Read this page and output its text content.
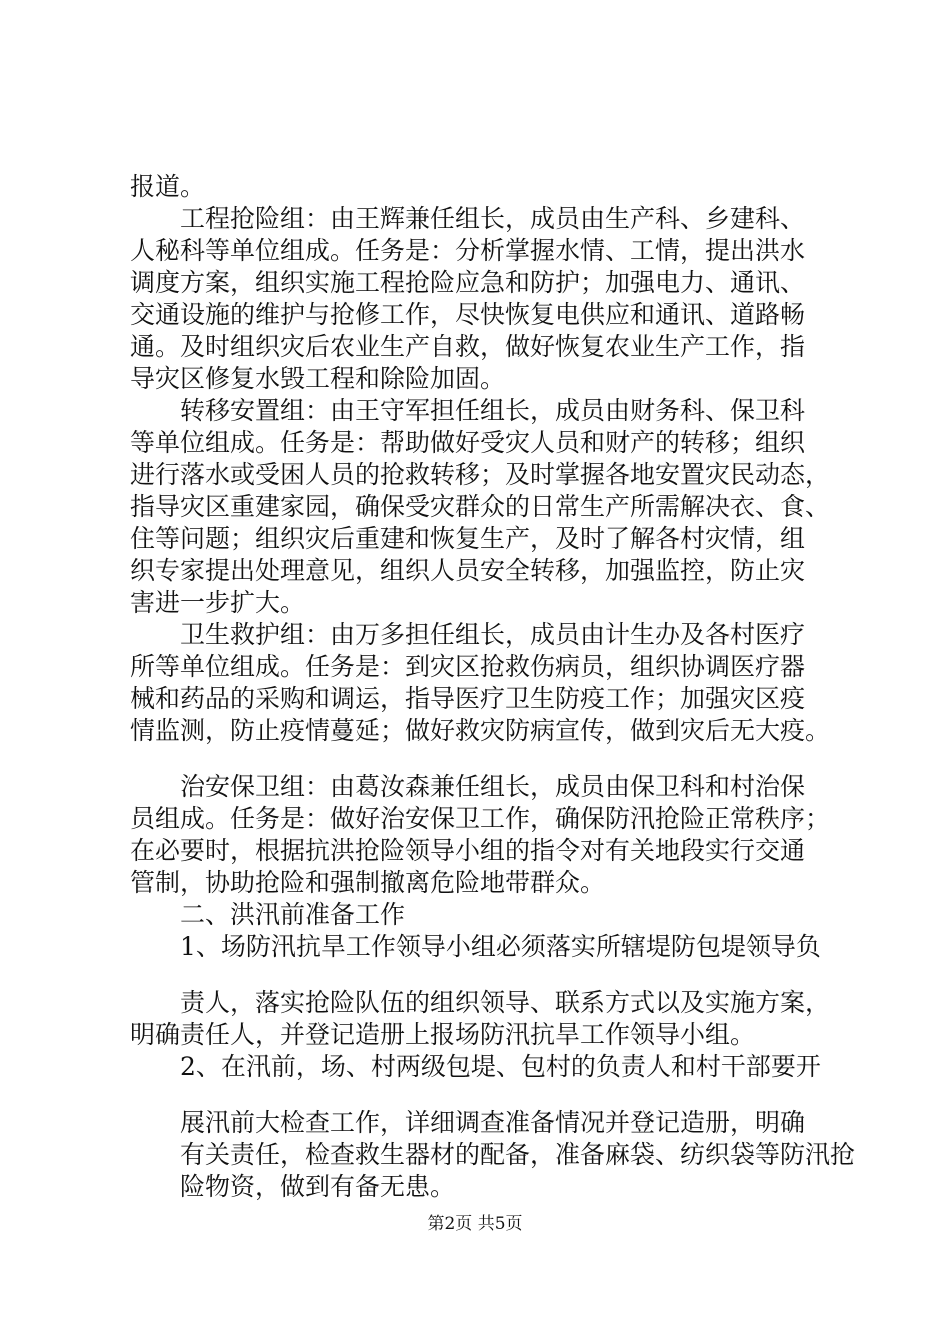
报道。
工程抢险组：由王辉兼任组长，成员由生产科、乡建科、
人秘科等单位组成。任务是：分析掌握水情、工情，提出洪水
调度方案，组织实施工程抢险应急和防护；加强电力、通讯、
交通设施的维护与抢修工作，尽快恢复电供应和通讯、道路畅
通。及时组织灾后农业生产自救，做好恢复农业生产工作，指
导灾区修复水毁工程和除险加固。
转移安置组：由王守军担任组长，成员由财务科、保卫科
等单位组成。任务是：帮助做好受灾人员和财产的转移；组织
进行落水或受困人员的抢救转移；及时掌握各地安置灾民动态，
指导灾区重建家园，确保受灾群众的日常生产所需解决衣、食、
住等问题；组织灾后重建和恢复生产，及时了解各村灾情，组
织专家提出处理意见，组织人员安全转移，加强监控，防止灾
害进一步扩大。
卫生救护组：由万多担任组长，成员由计生办及各村医疗
所等单位组成。任务是：到灾区抢救伤病员，组织协调医疗器
械和药品的采购和调运，指导医疗卫生防疫工作；加强灾区疫
情监测，防止疫情蔓延；做好救灾防病宣传，做到灾后无大疫。
治安保卫组：由葛汝森兼任组长，成员由保卫科和村治保
员组成。任务是：做好治安保卫工作，确保防汛抢险正常秩序；
在必要时，根据抗洪抢险领导小组的指令对有关地段实行交通
管制，协助抢险和强制撤离危险地带群众。
二、洪汛前准备工作
1、场防汛抗旱工作领导小组必须落实所辖堤防包堤领导负
责人，落实抢险队伍的组织领导、联系方式以及实施方案，
明确责任人，并登记造册上报场防汛抗旱工作领导小组。
2、在汛前，场、村两级包堤、包村的负责人和村干部要开
展汛前大检查工作，详细调查准备情况并登记造册，明确
有关责任，检查救生器材的配备，准备麻袋、纺织袋等防汛抢
险物资，做到有备无患。
第2页 共5页
